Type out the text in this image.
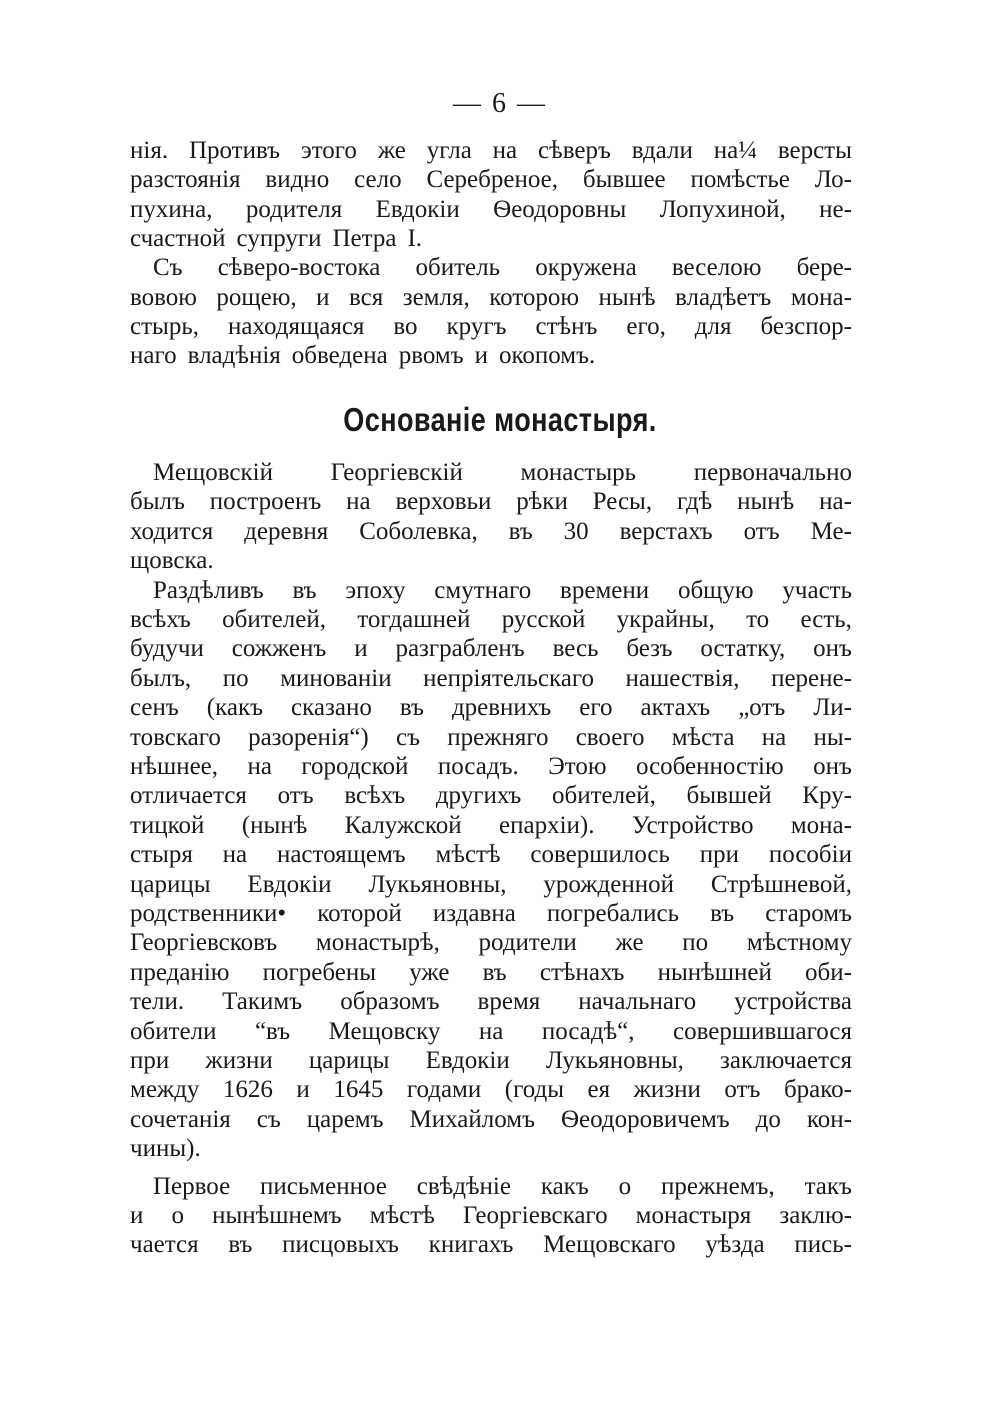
— 6 —
Основаніе монастыря.
нія. Противъ этого же угла на сѣверъ вдали на¼ версты
разстоянія видно село Серебреное, бывшее помѣстье Ло-
пухина, родителя Евдокіи Ѳеодоровны Лопухиной, не-
счастной супруги Петра I.
Съ сѣверо-востока обитель окружена веселою бере-
вовою рощею, и вся земля, которою нынѣ владѣетъ мона-
стырь, находящаяся во кругъ стѣнъ его, для безспор-
наго владѣнія обведена рвомъ и окопомъ.
Мещовскій Георгіевскій монастырь первоначально
былъ построенъ на верховьи рѣки Ресы, гдѣ нынѣ на-
ходится деревня Соболевка, въ 30 верстахъ отъ Ме-
щовска.
Раздѣливъ въ эпоху смутнаго времени общую участь
всѣхъ обителей, тогдашней русской украйны, то есть,
будучи сожженъ и разграбленъ весь безъ остатку, онъ
былъ, по минованіи непріятельскаго нашествія, перене-
сенъ (какъ сказано въ древнихъ его актахъ „отъ Ли-
товскаго разоренія“) съ прежняго своего мѣста на ны-
нѣшнее, на городской посадъ. Этою особенностію онъ
отличается отъ всѣхъ другихъ обителей, бывшей Кру-
тицкой (нынѣ Калужской епархіи). Устройство мона-
стыря на настоящемъ мѣстѣ совершилось при пособіи
царицы Евдокіи Лукьяновны, урожденной Стрѣшневой,
родственники• которой издавна погребались въ старомъ
Георгіевсковъ монастырѣ, родители же по мѣстному
преданію погребены уже въ стѣнахъ нынѣшней оби-
тели. Такимъ образомъ время начальнаго устройства
обители “въ Мещовску на посадѣ“, совершившагося
при жизни царицы Евдокіи Лукьяновны, заключается
между 1626 и 1645 годами (годы ея жизни отъ брако-
сочетанія съ царемъ Михайломъ Ѳеодоровичемъ до кон-
чины).
Первое письменное свѣдѣніе какъ о прежнемъ, такъ
и о нынѣшнемъ мѣстѣ Георгіевскаго монастыря заклю-
чается въ писцовыхъ книгахъ Мещовскаго уѣзда пись-
